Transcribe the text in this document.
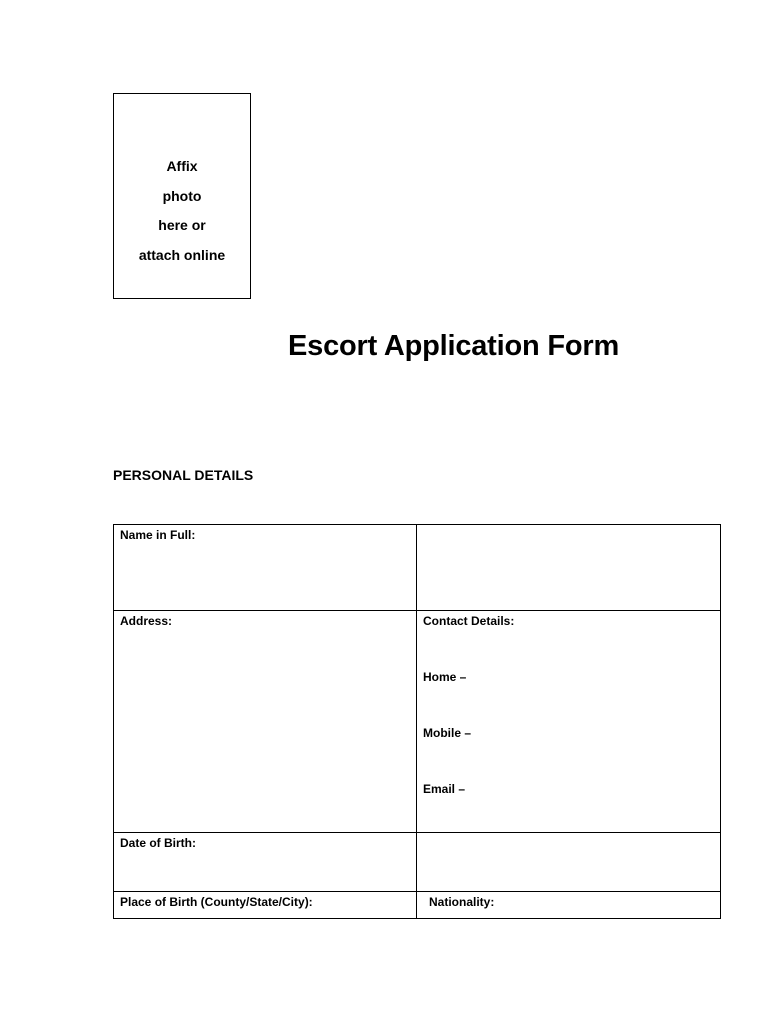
Affix
photo
here or
attach online
Escort Application Form
PERSONAL DETAILS
Name in Full:	

Address:	Contact Details:
Home –
Mobile –
Email –

Date of Birth:	

Place of Birth (County/State/City):	Nationality:
